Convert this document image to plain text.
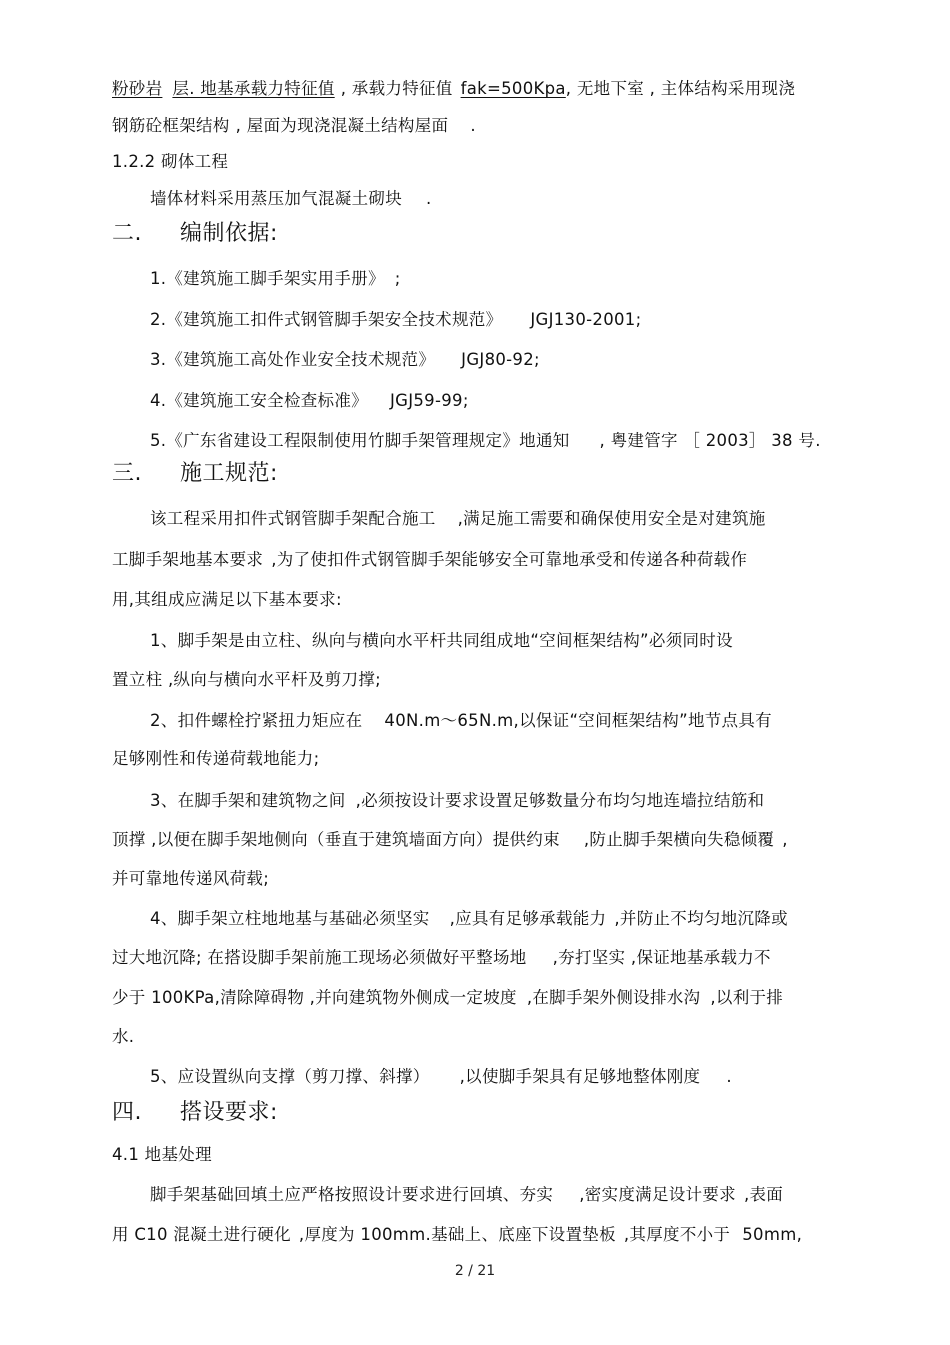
粉砂岩 层. 地基承载力特征值 , 承载力特征值 fak=500Kpa, 无地下室 , 主体结构采用现浇
钢筋砼框架结构 , 屋面为现浇混凝土结构屋面 .
1.2.2 砌体工程
墙体材料采用蒸压加气混凝土砌块 .
二. 编制依据:
1.《建筑施工脚手架实用手册》 ;
2.《建筑施工扣件式钢管脚手架安全技术规范》 JGJ130-2001;
3.《建筑施工高处作业安全技术规范》 JGJ80-92;
4.《建筑施工安全检查标准》 JGJ59-99;
5.《广东省建设工程限制使用竹脚手架管理规定》地通知 , 粤建管字 ［ 2003］ 38 号.
三. 施工规范:
该工程采用扣件式钢管脚手架配合施工 ,满足施工需要和确保使用安全是对建筑施
工脚手架地基本要求 ,为了使扣件式钢管脚手架能够安全可靠地承受和传递各种荷载作
用,其组成应满足以下基本要求:
1、脚手架是由立柱、纵向与横向水平杆共同组成地“空间框架结构”必须同时设
置立柱 ,纵向与横向水平杆及剪刀撑;
2、扣件螺栓拧紧扭力矩应在 40N.m～65N.m,以保证“空间框架结构”地节点具有
足够刚性和传递荷载地能力;
3、在脚手架和建筑物之间 ,必须按设计要求设置足够数量分布均匀地连墙拉结筋和
顶撑 ,以便在脚手架地侧向（垂直于建筑墙面方向）提供约束 ,防止脚手架横向失稳倾覆 ,
并可靠地传递风荷载;
4、脚手架立柱地地基与基础必须坚实 ,应具有足够承载能力 ,并防止不均匀地沉降或
过大地沉降; 在搭设脚手架前施工现场必须做好平整场地 ,夯打坚实 ,保证地基承载力不
少于 100KPa,清除障碍物 ,并向建筑物外侧成一定坡度 ,在脚手架外侧设排水沟 ,以利于排
水.
5、应设置纵向支撑（剪刀撑、斜撑） ,以使脚手架具有足够地整体刚度 .
四. 搭设要求:
4.1 地基处理
脚手架基础回填土应严格按照设计要求进行回填、夯实 ,密实度满足设计要求 ,表面
用 C10 混凝土进行硬化 ,厚度为 100mm.基础上、底座下设置垫板 ,其厚度不小于 50mm,
2 / 21
